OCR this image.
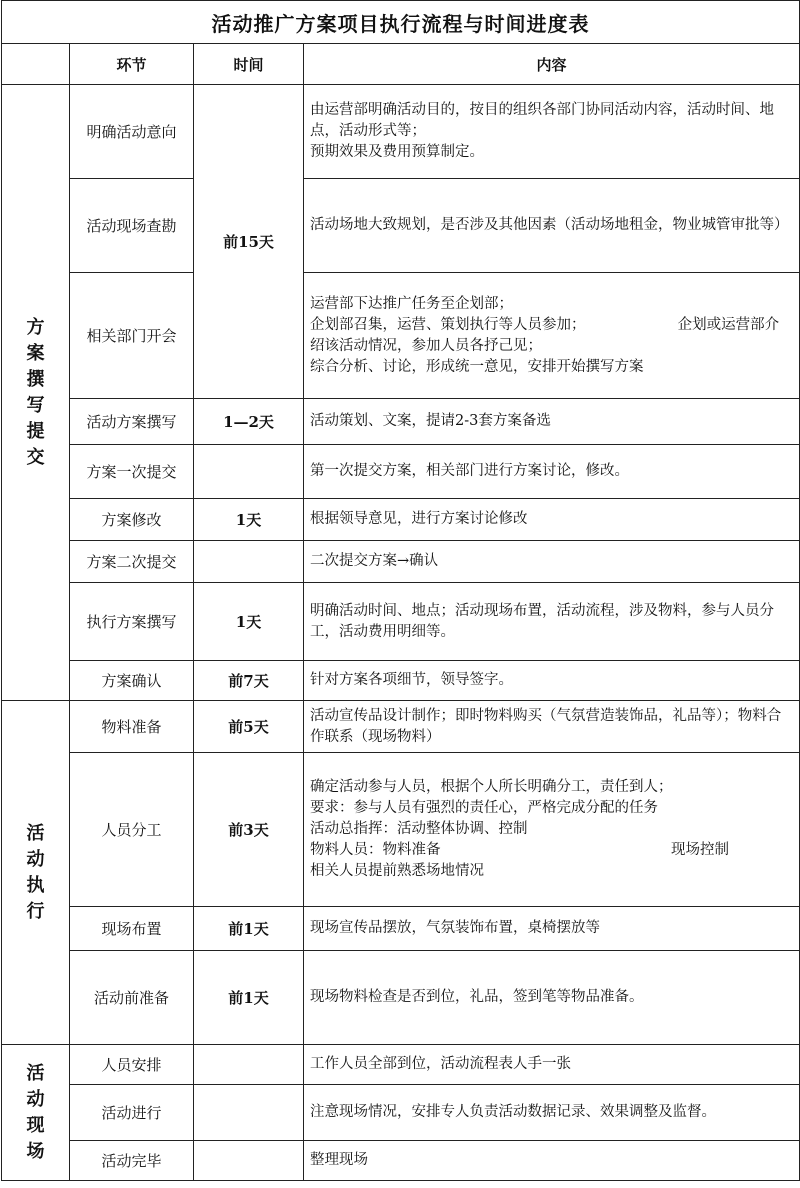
活动推广方案项目执行流程与时间进度表			
	环节	时间	内容

方案撰写提交	明确活动意向	前15天	由运营部明确活动目的，按目的组织各部门协同活动内容，活动时间、地点，活动形式等；
预期效果及费用预算制定。

	活动现场查勘		活动场地大致规划，是否涉及其他因素（活动场地租金，物业城管审批等）

	相关部门开会		运营部下达推广任务至企划部；
企划部召集，运营、策划执行等人员参加；                    企划或运营部介绍该活动情况，参加人员各抒己见；
综合分析、讨论，形成统一意见，安排开始撰写方案

	活动方案撰写	1—2天	活动策划、文案，提请2-3套方案备选

	方案一次提交		第一次提交方案，相关部门进行方案讨论，修改。

	方案修改	1天	根据领导意见，进行方案讨论修改

	方案二次提交		二次提交方案→确认

	执行方案撰写	1天	明确活动时间、地点；活动现场布置，活动流程，涉及物料，参与人员分工，活动费用明细等。

	方案确认	前7天	针对方案各项细节，领导签字。

活动执行	物料准备	前5天	活动宣传品设计制作；即时物料购买（气氛营造装饰品，礼品等）；物料合作联系（现场物料）

	人员分工	前3天	确定活动参与人员，根据个人所长明确分工，责任到人；
要求：参与人员有强烈的责任心，严格完成分配的任务
活动总指挥：活动整体协调、控制
物料人员：物料准备                                                  现场控制
相关人员提前熟悉场地情况

	现场布置	前1天	现场宣传品摆放，气氛装饰布置，桌椅摆放等

	活动前准备	前1天	现场物料检查是否到位，礼品，签到笔等物品准备。

活动现场	人员安排		工作人员全部到位，活动流程表人手一张

	活动进行		注意现场情况，安排专人负责活动数据记录、效果调整及监督。

	活动完毕		整理现场
